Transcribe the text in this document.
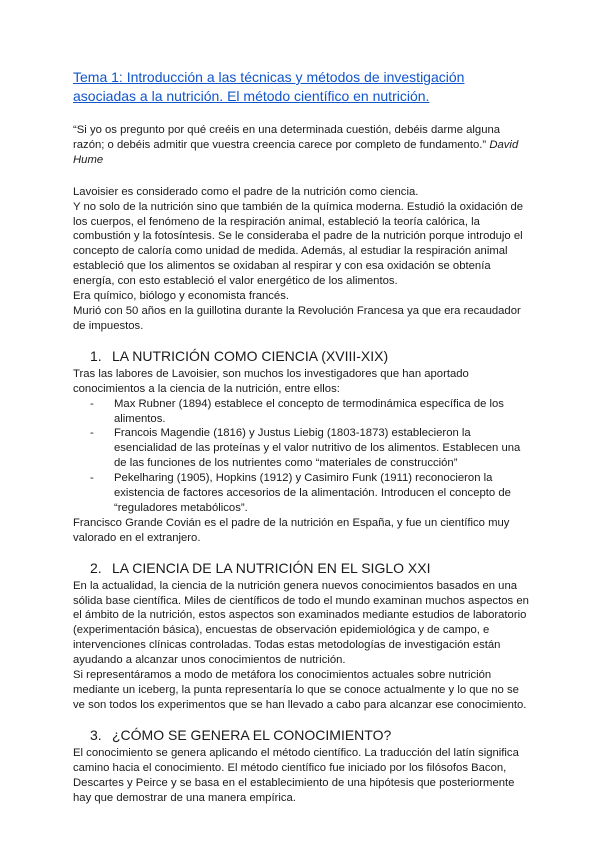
Tema 1: Introducción a las técnicas y métodos de investigación asociadas a la nutrición. El método científico en nutrición.

“Si yo os pregunto por qué creéis en una determinada cuestión, debéis darme alguna razón; o debéis admitir que vuestra creencia carece por completo de fundamento.” David Hume

Lavoisier es considerado como el padre de la nutrición como ciencia.

Y no solo de la nutrición sino que también de la química moderna. Estudió la oxidación de los cuerpos, el fenómeno de la respiración animal, estableció la teoría calórica, la combustión y la fotosíntesis. Se le consideraba el padre de la nutrición porque introdujo el concepto de caloría como unidad de medida. Además, al estudiar la respiración animal estableció que los alimentos se oxidaban al respirar y con esa oxidación se obtenía energía, con esto estableció el valor energético de los alimentos.

Era químico, biólogo y economista francés.

Murió con 50 años en la guillotina durante la Revolución Francesa ya que era recaudador de impuestos.

1. LA NUTRICIÓN COMO CIENCIA (XVIII-XIX)

Tras las labores de Lavoisier, son muchos los investigadores que han aportado conocimientos a la ciencia de la nutrición, entre ellos:

- Max Rubner (1894) establece el concepto de termodinámica específica de los alimentos.
- Francois Magendie (1816) y Justus Liebig (1803-1873) establecieron la esencialidad de las proteínas y el valor nutritivo de los alimentos. Establecen una de las funciones de los nutrientes como “materiales de construcción”
- Pekelharing (1905), Hopkins (1912) y Casimiro Funk (1911) reconocieron la existencia de factores accesorios de la alimentación. Introducen el concepto de “reguladores metabólicos”.

Francisco Grande Covián es el padre de la nutrición en España, y fue un científico muy valorado en el extranjero.

2. LA CIENCIA DE LA NUTRICIÓN EN EL SIGLO XXI

En la actualidad, la ciencia de la nutrición genera nuevos conocimientos basados en una sólida base científica. Miles de científicos de todo el mundo examinan muchos aspectos en el ámbito de la nutrición, estos aspectos son examinados mediante estudios de laboratorio (experimentación básica), encuestas de observación epidemiológica y de campo, e intervenciones clínicas controladas. Todas estas metodologías de investigación están ayudando a alcanzar unos conocimientos de nutrición.

Si representáramos a modo de metáfora los conocimientos actuales sobre nutrición mediante un iceberg, la punta representaría lo que se conoce actualmente y lo que no se ve son todos los experimentos que se han llevado a cabo para alcanzar ese conocimiento.

3. ¿CÓMO SE GENERA EL CONOCIMIENTO?

El conocimiento se genera aplicando el método científico. La traducción del latín significa camino hacia el conocimiento. El método científico fue iniciado por los filósofos Bacon, Descartes y Peirce y se basa en el establecimiento de una hipótesis que posteriormente hay que demostrar de una manera empírica.
